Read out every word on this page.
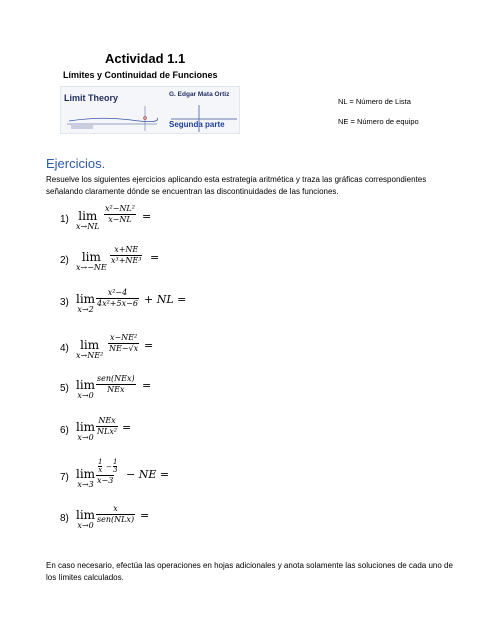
Actividad 1.1
Límites y Continuidad de Funciones
Limit Theory	G. Edgar Mata Ortiz
Segunda parte
NL = Número de Lista
NE = Número de equipo
Ejercicios.
Resuelve los siguientes ejercicios aplicando esta estrategia aritmética y traza las gráficas correspondientes señalando claramente dónde se encuentran las discontinuidades de las funciones.
1) lim
x→NL
$\frac{\text{x²−NL²}}{x-NL}$ =
2)	lim
x→−NE
$\frac{x+NE}{\text{x³+NE³}}$ =
3) lim
x→2
$\frac{\text{x²−4}}{\text{4x²+5x−6}}$ + NL =
4) lim
x→NE²
$\frac{\text{x−NE²}}{NE-√x}$ =
5) lim
x→0
sen(NEx)
NEx	=
6) lim
x→0
NEx
NLx² =
7) lim
x→3 1
x −
1
3
x−3 − NE =
8) lim
x→0
x
sen(NLx) =
En caso necesario, efectúa las operaciones en hojas adicionales y anota solamente las soluciones de cada uno de los límites calculados.
